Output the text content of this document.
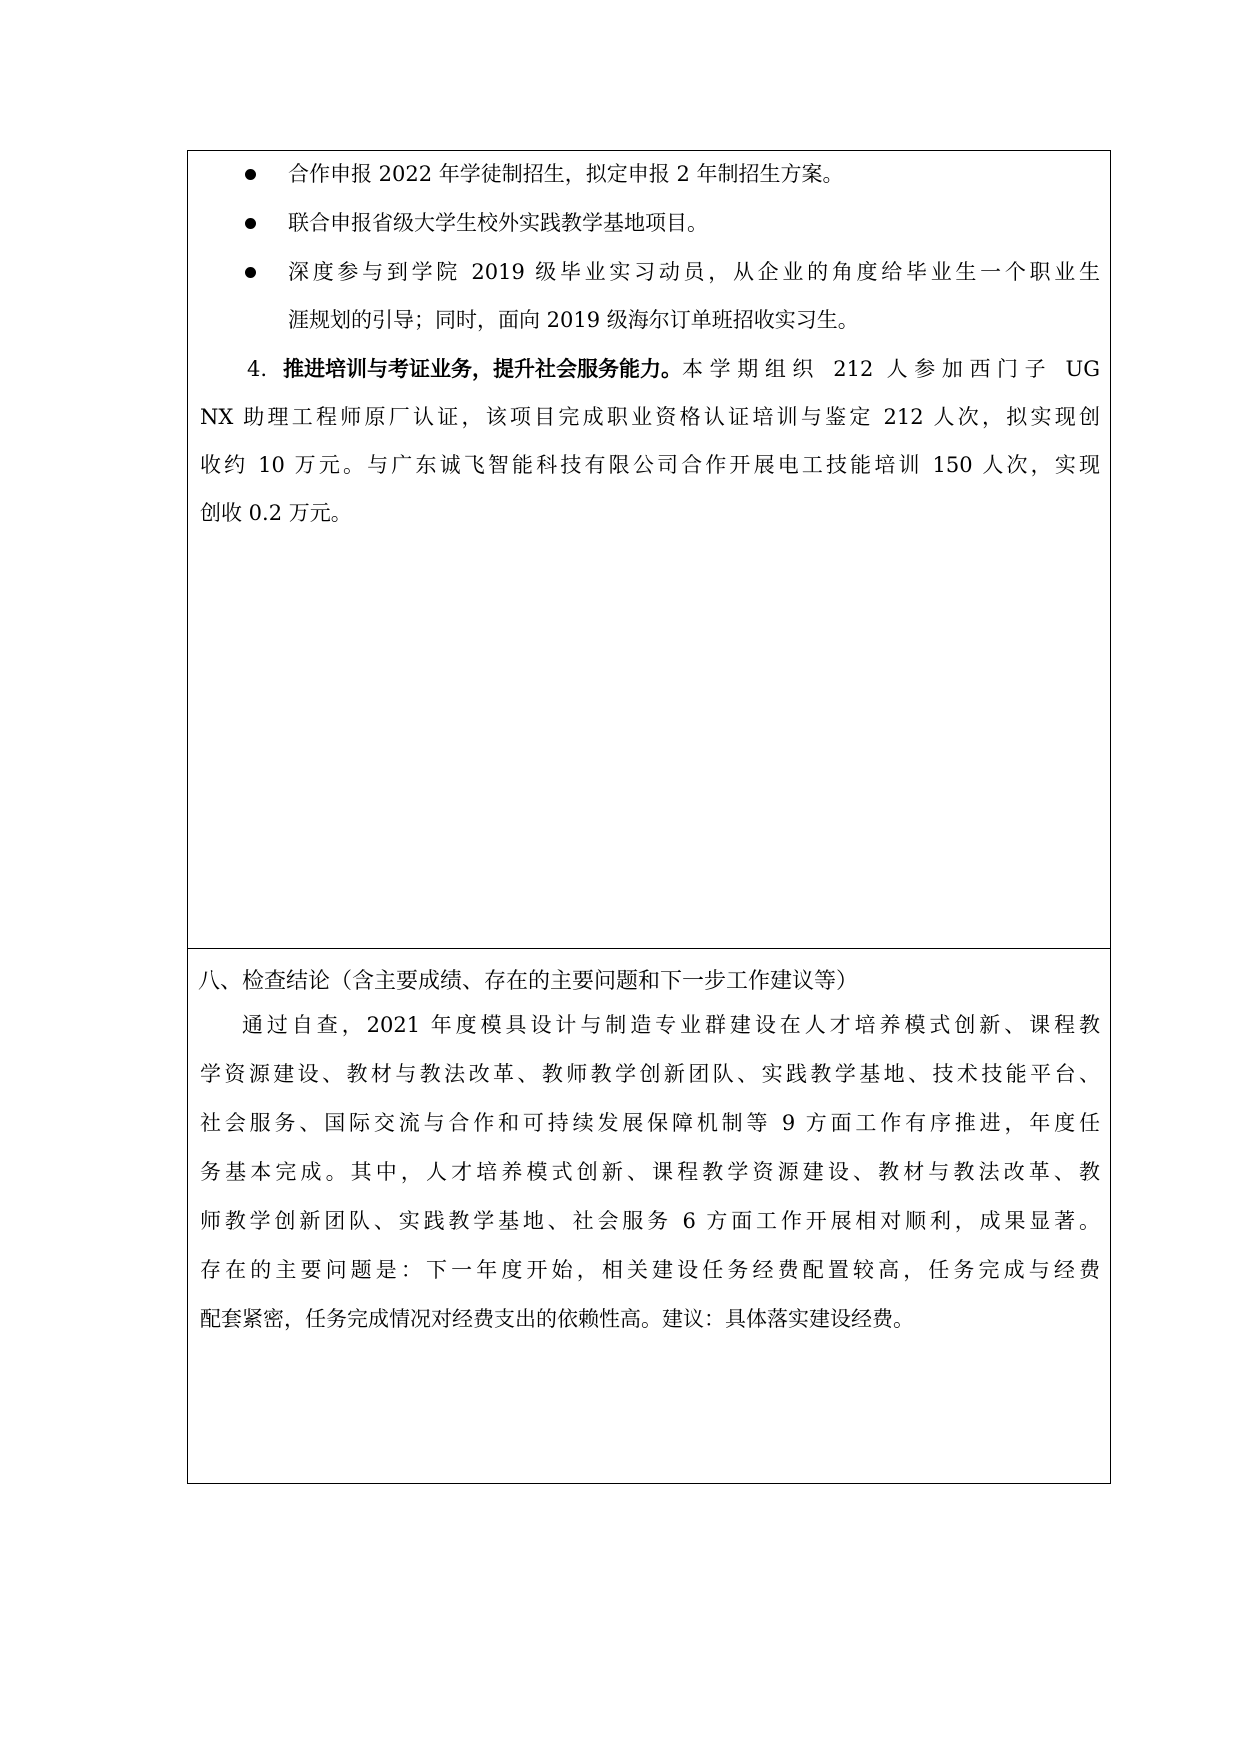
合作申报 2022 年学徒制招生，拟定申报 2 年制招生方案。
联合申报省级大学生校外实践教学基地项目。
深度参与到学院 2019 级毕业实习动员，从企业的角度给毕业生一个职业生
涯规划的引导；同时，面向 2019 级海尔订单班招收实习生。
4. 推进培训与考证业务，提升社会服务能力。 本学期组织 212 人参加西门子 UG
NX 助理工程师原厂认证，该项目完成职业资格认证培训与鉴定 212 人次，拟实现创
收约 10 万元。与广东诚飞智能科技有限公司合作开展电工技能培训 150 人次，实现
创收 0.2 万元。
八、检查结论（含主要成绩、存在的主要问题和下一步工作建议等）
通过自查，2021 年度模具设计与制造专业群建设在人才培养模式创新、课程教
学资源建设、教材与教法改革、教师教学创新团队、实践教学基地、技术技能平台、
社会服务、国际交流与合作和可持续发展保障机制等 9 方面工作有序推进，年度任
务基本完成。其中，人才培养模式创新、课程教学资源建设、教材与教法改革、教
师教学创新团队、实践教学基地、社会服务 6 方面工作开展相对顺利，成果显著。
存在的主要问题是：下一年度开始，相关建设任务经费配置较高，任务完成与经费
配套紧密，任务完成情况对经费支出的依赖性高。建议：具体落实建设经费。
